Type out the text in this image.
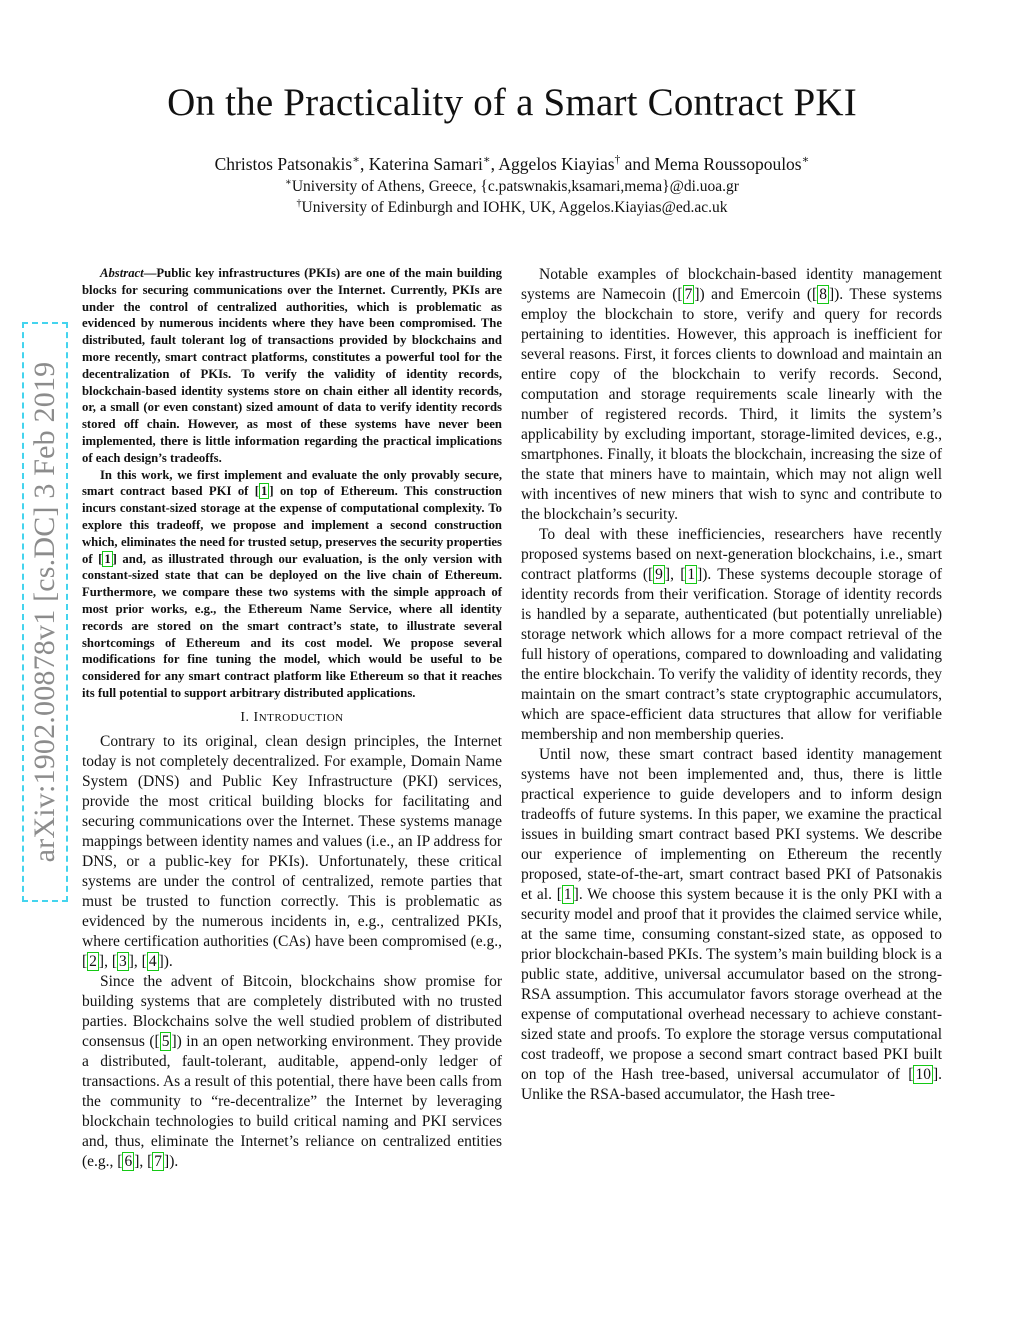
arXiv:1902.00878v1 [cs.DC] 3 Feb 2019
On the Practicality of a Smart Contract PKI
Christos Patsonakis∗, Katerina Samari∗, Aggelos Kiayias† and Mema Roussopoulos∗
∗University of Athens, Greece, {c.patswnakis,ksamari,mema}@di.uoa.gr
†University of Edinburgh and IOHK, UK, Aggelos.Kiayias@ed.ac.uk

Abstract—Public key infrastructures (PKIs) are one of the main building blocks for securing communications over the Internet. Currently, PKIs are under the control of centralized authorities, which is problematic as evidenced by numerous incidents where they have been compromised. The distributed, fault tolerant log of transactions provided by blockchains and more recently, smart contract platforms, constitutes a powerful tool for the decentralization of PKIs. To verify the validity of identity records, blockchain-based identity systems store on chain either all identity records, or, a small (or even constant) sized amount of data to verify identity records stored off chain. However, as most of these systems have never been implemented, there is little information regarding the practical implications of each design’s tradeoffs.

In this work, we first implement and evaluate the only provably secure, smart contract based PKI of [ 1 ] on top of Ethereum. This construction incurs constant-sized storage at the expense of computational complexity. To explore this tradeoff, we propose and implement a second construction which, eliminates the need for trusted setup, preserves the security properties of [ 1 ] and, as illustrated through our evaluation, is the only version with constant-sized state that can be deployed on the live chain of Ethereum. Furthermore, we compare these two systems with the simple approach of most prior works, e.g., the Ethereum Name Service, where all identity records are stored on the smart contract’s state, to illustrate several shortcomings of Ethereum and its cost model. We propose several modifications for fine tuning the model, which would be useful to be considered for any smart contract platform like Ethereum so that it reaches its full potential to support arbitrary distributed applications.

I. INTRODUCTION

Contrary to its original, clean design principles, the Internet today is not completely decentralized. For example, Domain Name System (DNS) and Public Key Infrastructure (PKI) services, provide the most critical building blocks for facilitating and securing communications over the Internet. These systems manage mappings between identity names and values (i.e., an IP address for DNS, or a public-key for PKIs). Unfortunately, these critical systems are under the control of centralized, remote parties that must be trusted to function correctly. This is problematic as evidenced by the numerous incidents in, e.g., centralized PKIs, where certification authorities (CAs) have been compromised (e.g., [ 2 ], [ 3 ], [ 4 ]).

Since the advent of Bitcoin, blockchains show promise for building systems that are completely distributed with no trusted parties. Blockchains solve the well studied problem of distributed consensus ([ 5 ]) in an open networking environment. They provide a distributed, fault-tolerant, auditable, append-only ledger of transactions. As a result of this potential, there have been calls from the community to “re-decentralize” the Internet by leveraging blockchain technologies to build critical naming and PKI services and, thus, eliminate the Internet’s reliance on centralized entities (e.g., [ 6 ], [ 7 ]).

Notable examples of blockchain-based identity management systems are Namecoin ([ 7 ]) and Emercoin ([ 8 ]). These systems employ the blockchain to store, verify and query for records pertaining to identities. However, this approach is inefficient for several reasons. First, it forces clients to download and maintain an entire copy of the blockchain to verify records. Second, computation and storage requirements scale linearly with the number of registered records. Third, it limits the system’s applicability by excluding important, storage-limited devices, e.g., smartphones. Finally, it bloats the blockchain, increasing the size of the state that miners have to maintain, which may not align well with incentives of new miners that wish to sync and contribute to the blockchain’s security.

To deal with these inefficiencies, researchers have recently proposed systems based on next-generation blockchains, i.e., smart contract platforms ([ 9 ], [ 1 ]). These systems decouple storage of identity records from their verification. Storage of identity records is handled by a separate, authenticated (but potentially unreliable) storage network which allows for a more compact retrieval of the full history of operations, compared to downloading and validating the entire blockchain. To verify the validity of identity records, they maintain on the smart contract’s state cryptographic accumulators, which are space-efficient data structures that allow for verifiable membership and non membership queries.

Until now, these smart contract based identity management systems have not been implemented and, thus, there is little practical experience to guide developers and to inform design tradeoffs of future systems. In this paper, we examine the practical issues in building smart contract based PKI systems. We describe our experience of implementing on Ethereum the recently proposed, state-of-the-art, smart contract based PKI of Patsonakis et al. [ 1 ]. We choose this system because it is the only PKI with a security model and proof that it provides the claimed service while, at the same time, consuming constant-sized state, as opposed to prior blockchain-based PKIs. The system’s main building block is a public state, additive, universal accumulator based on the strong-RSA assumption. This accumulator favors storage overhead at the expense of computational overhead necessary to achieve constant-sized state and proofs. To explore the storage versus computational cost tradeoff, we propose a second smart contract based PKI built on top of the Hash tree-based, universal accumulator of [ 10 ]. Unlike the RSA-based accumulator, the Hash tree-
